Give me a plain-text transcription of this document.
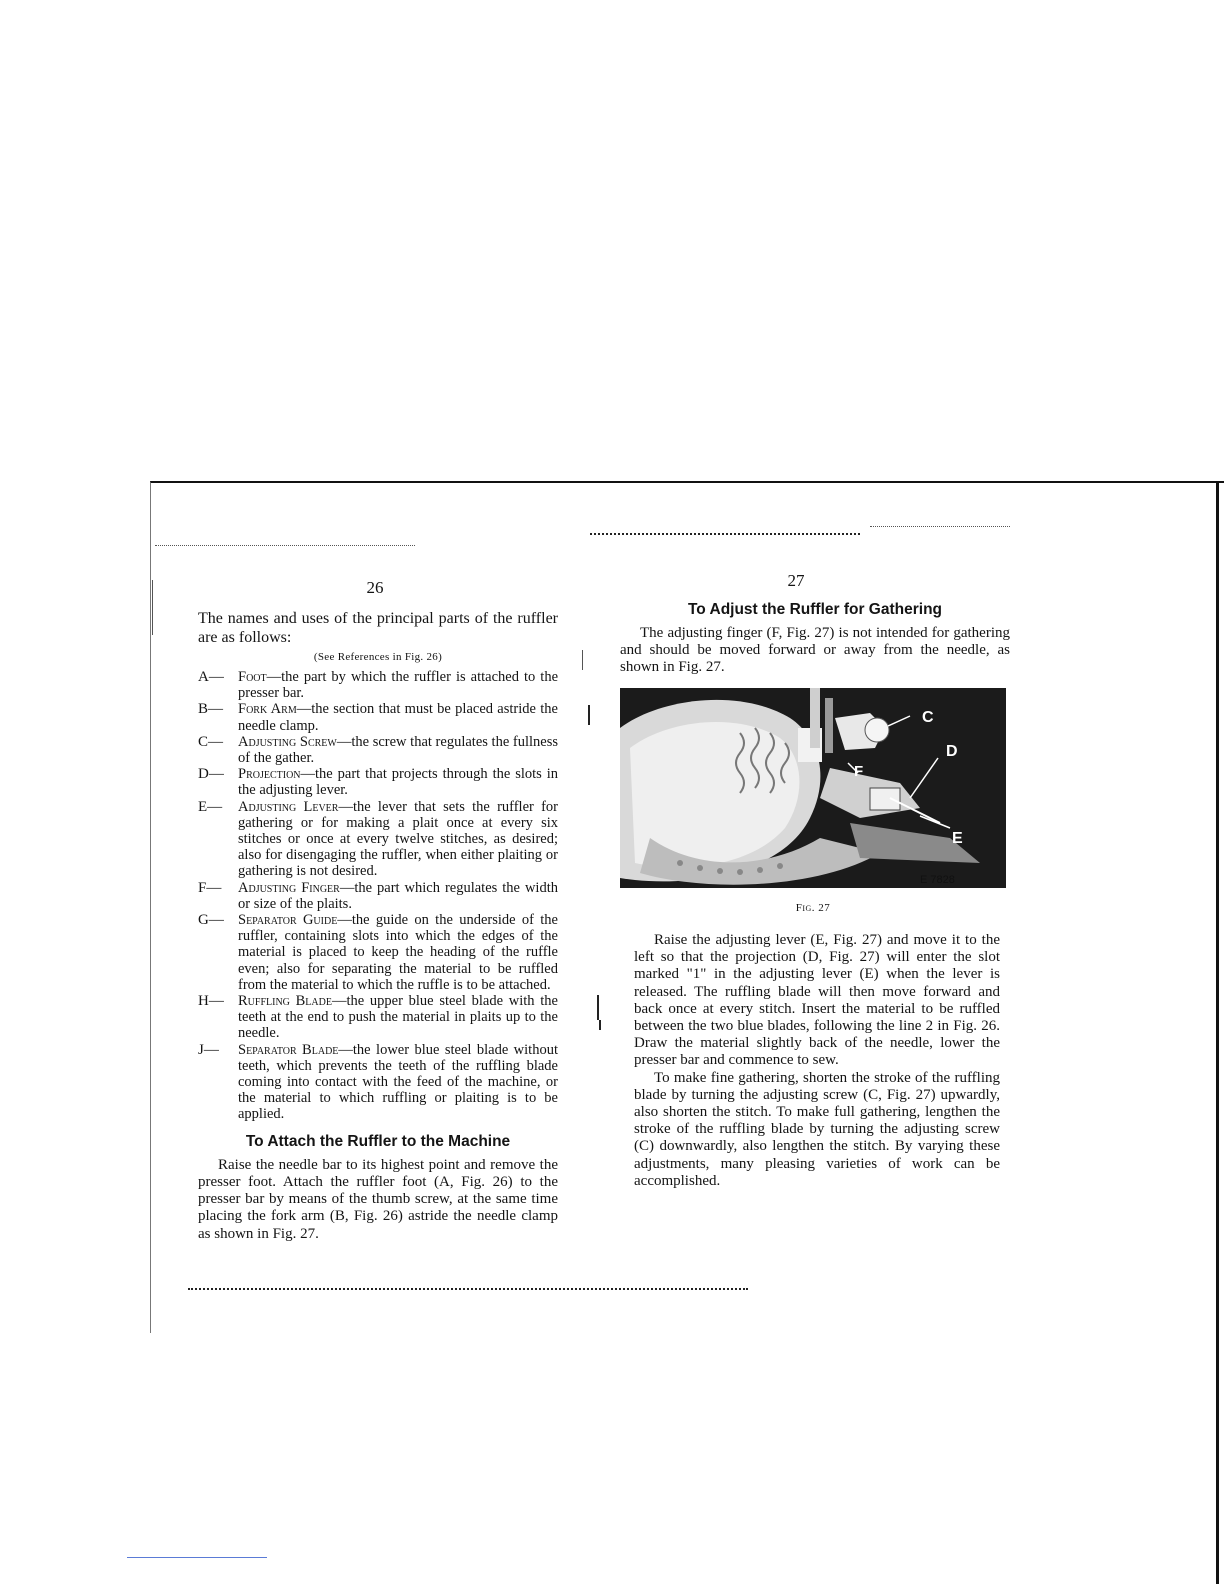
26

The names and uses of the principal parts of the ruffler are as follows:

(See References in Fig. 26)
A— Foot—the part by which the ruffler is attached to the presser bar.
B— Fork Arm—the section that must be placed astride the needle clamp.
C— Adjusting Screw—the screw that regulates the fullness of the gather.
D— Projection—the part that projects through the slots in the adjusting lever.
E— Adjusting Lever—the lever that sets the ruffler for gathering or for making a plait once at every six stitches or once at every twelve stitches, as desired; also for disengaging the ruffler, when either plaiting or gathering is not desired.
F— Adjusting Finger—the part which regulates the width or size of the plaits.
G— Separator Guide—the guide on the underside of the ruffler, containing slots into which the edges of the material is placed to keep the heading of the ruffle even; also for separating the material to be ruffled from the material to which the ruffle is to be attached.
H— Ruffling Blade—the upper blue steel blade with the teeth at the end to push the material in plaits up to the needle.
J— Separator Blade—the lower blue steel blade without teeth, which prevents the teeth of the ruffling blade coming into contact with the feed of the machine, or the material to which ruffling or plaiting is to be applied.
To Attach the Ruffler to the Machine

Raise the needle bar to its highest point and remove the presser foot. Attach the ruffler foot (A, Fig. 26) to the presser bar by means of the thumb screw, at the same time placing the fork arm (B, Fig. 26) astride the needle clamp as shown in Fig. 27.

27
To Adjust the Ruffler for Gathering

The adjusting finger (F, Fig. 27) is not intended for gathering and should be moved forward or away from the needle, as shown in Fig. 27.

C
D
F
E
E 7828
Fig. 27

Raise the adjusting lever (E, Fig. 27) and move it to the left so that the projection (D, Fig. 27) will enter the slot marked "1" in the adjusting lever (E) when the lever is released. The ruffling blade will then move forward and back once at every stitch. Insert the material to be ruffled between the two blue blades, following the line 2 in Fig. 26. Draw the material slightly back of the needle, lower the presser bar and commence to sew.

To make fine gathering, shorten the stroke of the ruffling blade by turning the adjusting screw (C, Fig. 27) upwardly, also shorten the stitch. To make full gathering, lengthen the stroke of the ruffling blade by turning the adjusting screw (C) downwardly, also lengthen the stitch. By varying these adjustments, many pleasing varieties of work can be accomplished.
